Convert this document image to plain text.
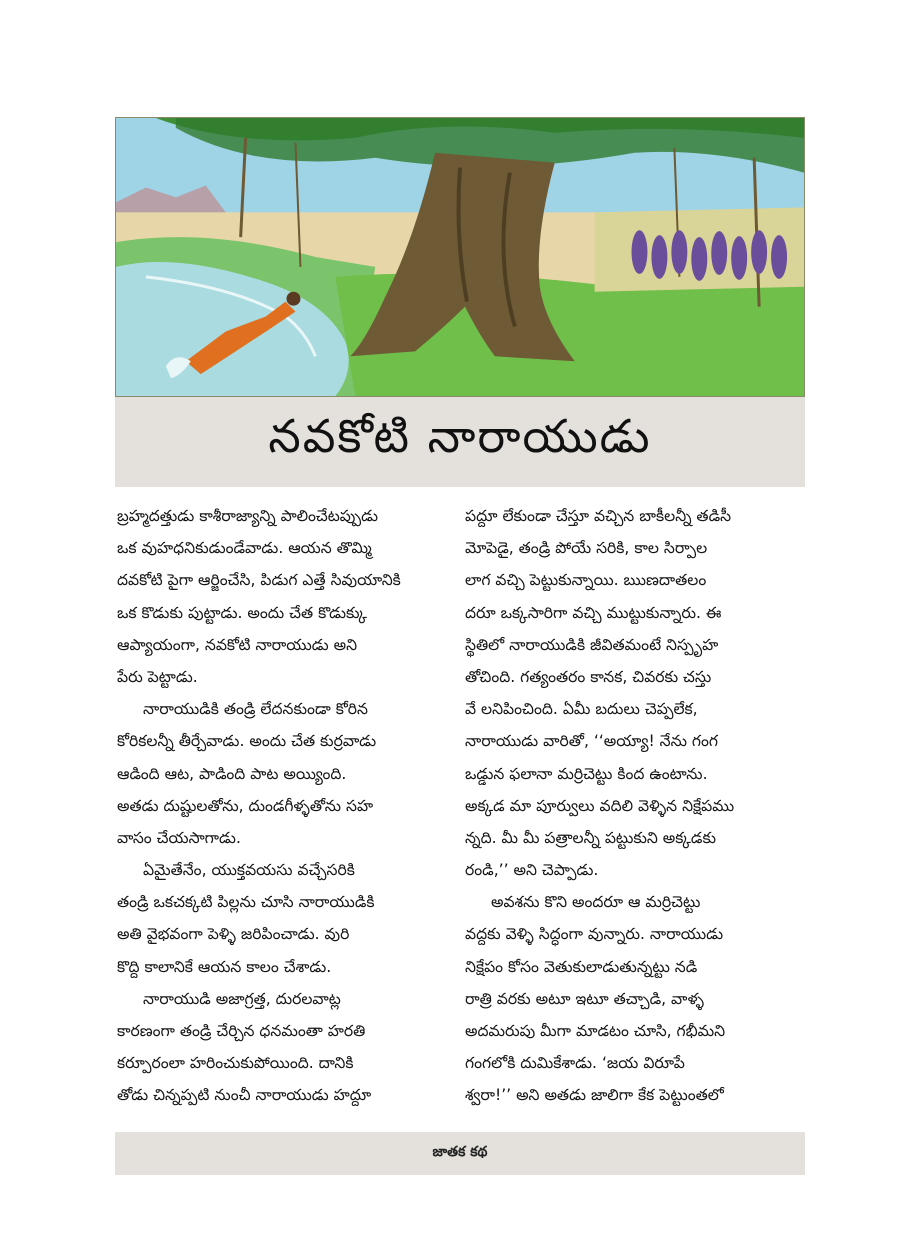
నవకోటి నారాయుడు
బ్రహ్మదత్తుడు కాశీరాజ్యాన్ని పాలించేటప్పుడు
ఒక వుహధనికుడుండేవాడు. ఆయన తొమ్మి
దవకోటి పైగా ఆర్జించేసి, పిడుగ ఎత్తే సివుయానికి
ఒక కొడుకు పుట్టాడు. అందు చేత కొడుక్కు
ఆప్యాయంగా, నవకోటి నారాయుడు అని
పేరు పెట్టాడు.
నారాయుడికి తండ్రి లేదనకుండా కోరిన
కోరికలన్నీ తీర్చేవాడు. అందు చేత కుర్రవాడు
ఆడింది ఆట, పాడింది పాట అయ్యింది.
అతడు దుష్టులతోను, దుండగీళ్ళతోను సహ
వాసం చేయసాగాడు.
ఏమైతేనేం, యుక్తవయసు వచ్చేసరికి
తండ్రి ఒకచక్కటి పిల్లను చూసి నారాయుడికి
అతి వైభవంగా పెళ్ళి జరిపించాడు. వురి
కొద్ది కాలానికే ఆయన కాలం చేశాడు.
నారాయుడి అజాగ్రత్త, దురలవాట్ల
కారణంగా తండ్రి చేర్చిన ధనమంతా హరతి
కర్పూరంలా హరించుకుపోయింది. దానికి
తోడు చిన్నప్పటి నుంచీ నారాయుడు హద్దూ
పద్దూ లేకుండా చేస్తూ వచ్చిన బాకీలన్నీ తడిసీ
మోపెడై, తండ్రి పోయే సరికి, కాల సిర్పాల
లాగ వచ్చి పెట్టుకున్నాయి. ఋణదాతలం
దరూ ఒక్కసారిగా వచ్చి ముట్టుకున్నారు. ఈ
స్థితిలో నారాయుడికి జీవితమంటే నిస్పృహ
తోచింది. గత్యంతరం కానక, చివరకు చస్తు
వే లనిపించింది. ఏమీ బదులు చెప్పలేక,
నారాయుడు వారితో, ‘‘అయ్యా! నేను గంగ
ఒడ్డున ఫలానా మర్రిచెట్టు కింద ఉంటాను.
అక్కడ మా పూర్వులు వదిలి వెళ్ళిన నిక్షేపము
న్నది. మీ మీ పత్రాలన్నీ పట్టుకుని అక్కడకు
రండి,’’ అని చెప్పాడు.
అవశను కొని అందరూ ఆ మర్రిచెట్టు
వద్దకు వెళ్ళి సిద్ధంగా వున్నారు. నారాయుడు
నిక్షేపం కోసం వెతుకులాడుతున్నట్టు నడి
రాత్రి వరకు అటూ ఇటూ తచ్చాడి, వాళ్ళ
అదమరుపు మీగా మాడటం చూసి, గభీమని
గంగలోకి దుమికేశాడు. ‘జయ విరూపే
శ్వరా!’’ అని అతడు జాలిగా కేక పెట్టుంతలో
జాతక కథ
